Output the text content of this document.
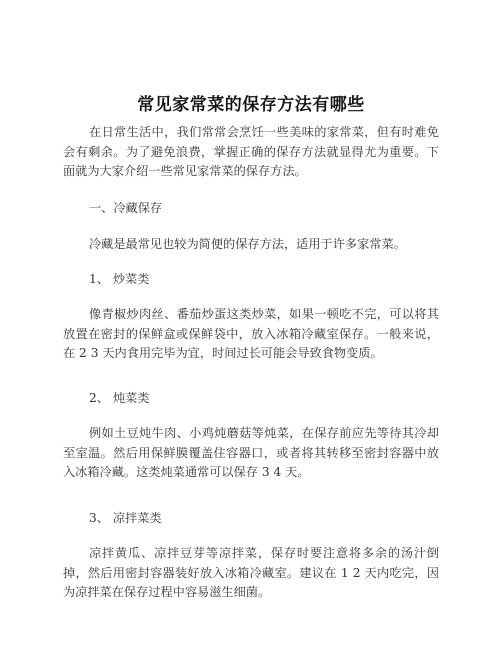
常见家常菜的保存方法有哪些
在日常生活中，我们常常会烹饪一些美味的家常菜，但有时难免会有剩余。为了避免浪费，掌握正确的保存方法就显得尤为重要。下面就为大家介绍一些常见家常菜的保存方法。
一、冷藏保存
冷藏是最常见也较为简便的保存方法，适用于许多家常菜。
1、 炒菜类
像青椒炒肉丝、番茄炒蛋这类炒菜，如果一顿吃不完，可以将其放置在密封的保鲜盒或保鲜袋中，放入冰箱冷藏室保存。一般来说，在 2 3 天内食用完毕为宜，时间过长可能会导致食物变质。
2、 炖菜类
例如土豆炖牛肉、小鸡炖蘑菇等炖菜，在保存前应先等待其冷却至室温。然后用保鲜膜覆盖住容器口，或者将其转移至密封容器中放入冰箱冷藏。这类炖菜通常可以保存 3 4 天。
3、 凉拌菜类
凉拌黄瓜、凉拌豆芽等凉拌菜，保存时要注意将多余的汤汁倒掉，然后用密封容器装好放入冰箱冷藏室。建议在 1 2 天内吃完，因为凉拌菜在保存过程中容易滋生细菌。
